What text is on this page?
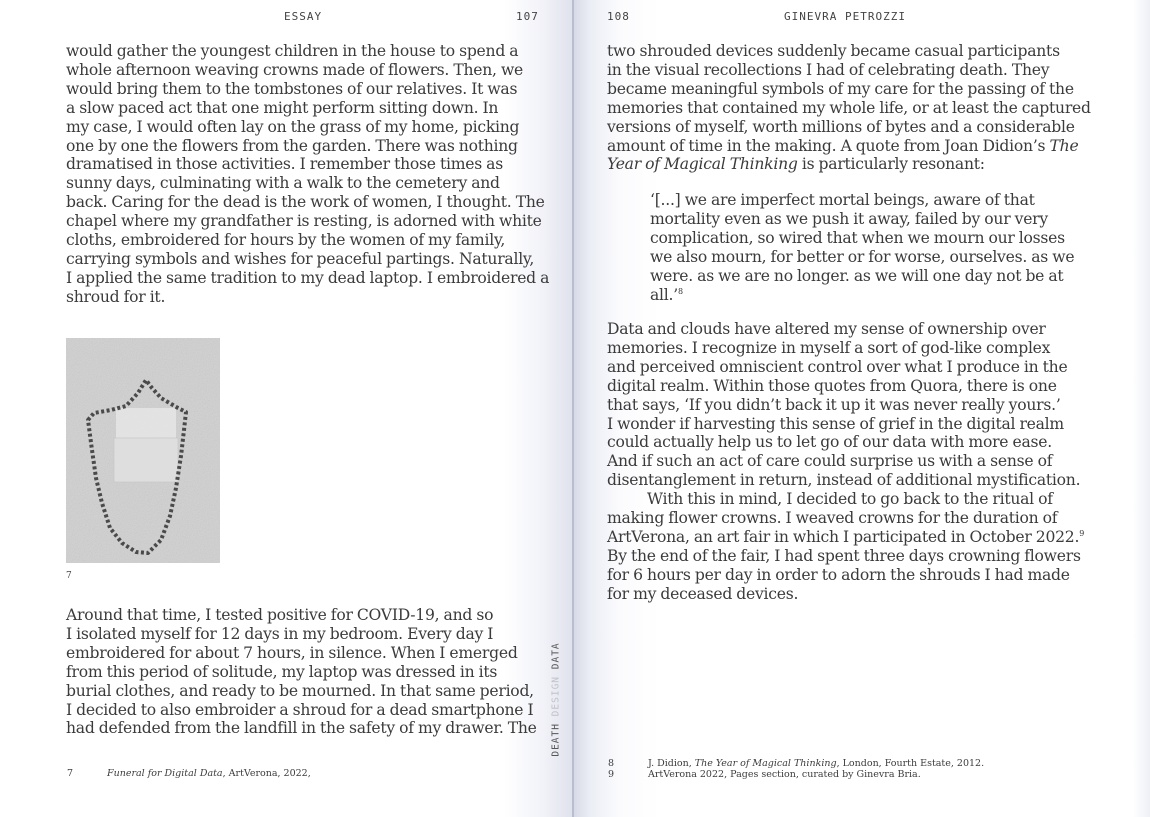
ESSAY	107

would gather the youngest children in the house to spend a

whole afternoon weaving crowns made of flowers. Then, we

would bring them to the tombstones of our relatives. It was

a slow paced act that one might perform sitting down. In

my case, I would often lay on the grass of my home, picking

one by one the flowers from the garden. There was nothing

dramatised in those activities. I remember those times as

sunny days, culminating with a walk to the cemetery and

back. Caring for the dead is the work of women, I thought. The

chapel where my grandfather is resting, is adorned with white

cloths, embroidered for hours by the women of my family,

carrying symbols and wishes for peaceful partings. Naturally,

I applied the same tradition to my dead laptop. I embroidered a

shroud for it.

7

Around that time, I tested positive for COVID-19, and so

I isolated myself for 12 days in my bedroom. Every day I

embroidered for about 7 hours, in silence. When I emerged

from this period of solitude, my laptop was dressed in its

burial clothes, and ready to be mourned. In that same period,

I decided to also embroider a shroud for a dead smartphone I

had defended from the landfill in the safety of my drawer. The

7	Funeral for Digital Data, ArtVerona, 2022,
DEATH DESIGN DATA
108	GINEVRA PETROZZI

two shrouded devices suddenly became casual participants

in the visual recollections I had of celebrating death. They

became meaningful symbols of my care for the passing of the

memories that contained my whole life, or at least the captured

versions of myself, worth millions of bytes and a considerable

amount of time in the making. A quote from Joan Didion’s The

Year of Magical Thinking is particularly resonant:

‘[...] we are imperfect mortal beings, aware of that

mortality even as we push it away, failed by our very

complication, so wired that when we mourn our losses

we also mourn, for better or for worse, ourselves. as we

were. as we are no longer. as we will one day not be at

all.’$^8$

Data and clouds have altered my sense of ownership over

memories. I recognize in myself a sort of god-like complex

and perceived omniscient control over what I produce in the

digital realm. Within those quotes from Quora, there is one

that says, ‘If you didn’t back it up it was never really yours.’

I wonder if harvesting this sense of grief in the digital realm

could actually help us to let go of our data with more ease.

And if such an act of care could surprise us with a sense of

disentanglement in return, instead of additional mystification.

With this in mind, I decided to go back to the ritual of

making flower crowns. I weaved crowns for the duration of

ArtVerona, an art fair in which I participated in October 2022.$^9$

By the end of the fair, I had spent three days crowning flowers

for 6 hours per day in order to adorn the shrouds I had made

for my deceased devices.

8	J. Didion, The Year of Magical Thinking, London, Fourth Estate, 2012.
9	ArtVerona 2022, Pages section, curated by Ginevra Bria.
